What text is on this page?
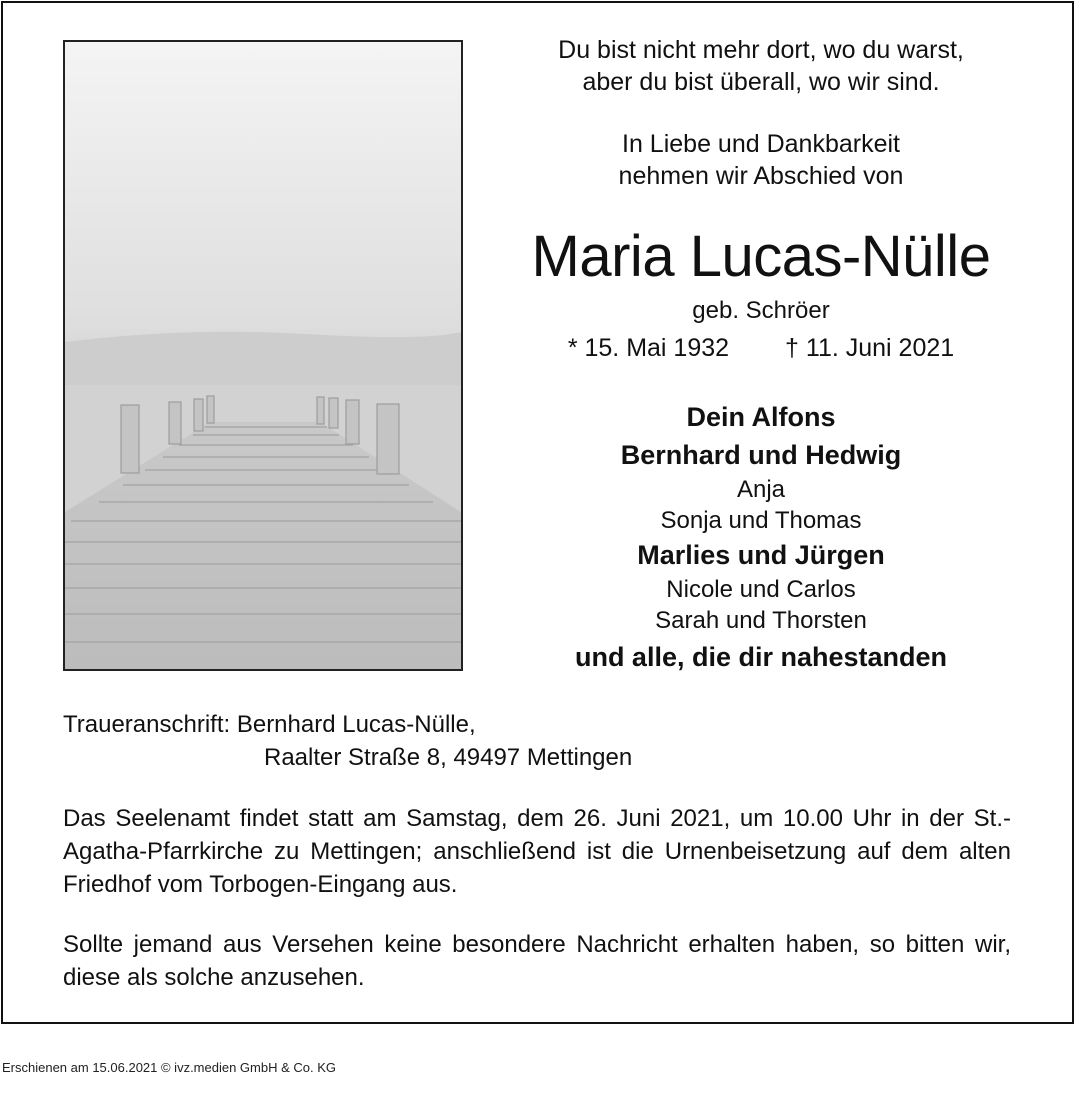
Du bist nicht mehr dort, wo du warst,
aber du bist überall, wo wir sind.
In Liebe und Dankbarkeit
nehmen wir Abschied von
Maria Lucas-Nülle
geb. Schröer
* 15. Mai 1932 † 11. Juni 2021
Dein Alfons
Bernhard und Hedwig
Anja
Sonja und Thomas
Marlies und Jürgen
Nicole und Carlos
Sarah und Thorsten
und alle, die dir nahestanden
Traueranschrift: Bernhard Lucas-Nülle,
Raalter Straße 8, 49497 Mettingen
Das Seelenamt findet statt am Samstag, dem 26. Juni 2021, um 10.00 Uhr in der St.-Agatha-Pfarrkirche zu Mettingen; anschließend ist die Urnenbeisetzung auf dem alten Friedhof vom Torbogen-Eingang aus.
Sollte jemand aus Versehen keine besondere Nachricht erhalten haben, so bitten wir, diese als solche anzusehen.
Erschienen am 15.06.2021 © ivz.medien GmbH & Co. KG
